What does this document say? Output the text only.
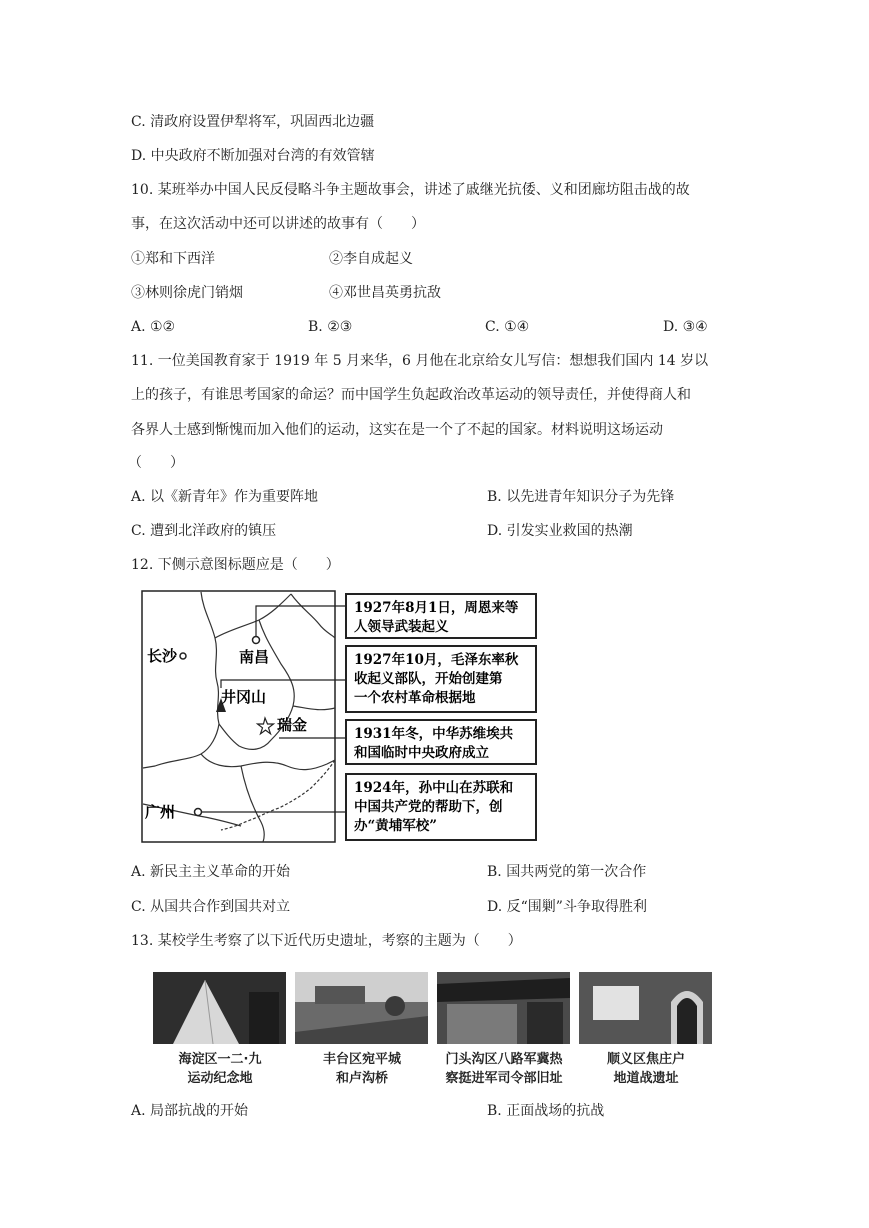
C. 清政府设置伊犁将军，巩固西北边疆
D. 中央政府不断加强对台湾的有效管辖
10. 某班举办中国人民反侵略斗争主题故事会，讲述了戚继光抗倭、义和团廊坊阻击战的故
事，在这次活动中还可以讲述的故事有（　　）
①郑和下西洋	②李自成起义
③林则徐虎门销烟	④邓世昌英勇抗敌
A. ①②	B. ②③	C. ①④	D. ③④
11. 一位美国教育家于 1919 年 5 月来华，6 月他在北京给女儿写信：想想我们国内 14 岁以
上的孩子，有谁思考国家的命运？而中国学生负起政治改革运动的领导责任，并使得商人和
各界人士感到惭愧而加入他们的运动，这实在是一个了不起的国家。材料说明这场运动
（　　）
A. 以《新青年》作为重要阵地	B. 以先进青年知识分子为先锋
C. 遭到北洋政府的镇压	D. 引发实业救国的热潮
12. 下侧示意图标题应是（　　）
南昌
长沙
井冈山
瑞金
广州
1927年8月1日，周恩来等
人领导武装起义
1927年10月，毛泽东率秋
收起义部队，开始创建第
一个农村革命根据地
1931年冬，中华苏维埃共
和国临时中央政府成立
1924年，孙中山在苏联和
中国共产党的帮助下，创
办“黄埔军校”
A. 新民主主义革命的开始	B. 国共两党的第一次合作
C. 从国共合作到国共对立	D. 反“围剿”斗争取得胜利
13. 某校学生考察了以下近代历史遗址，考察的主题为（　　）
海淀区一二·九
运动纪念地
丰台区宛平城
和卢沟桥
门头沟区八路军冀热
察挺进军司令部旧址
顺义区焦庄户
地道战遗址
A. 局部抗战的开始	B. 正面战场的抗战
